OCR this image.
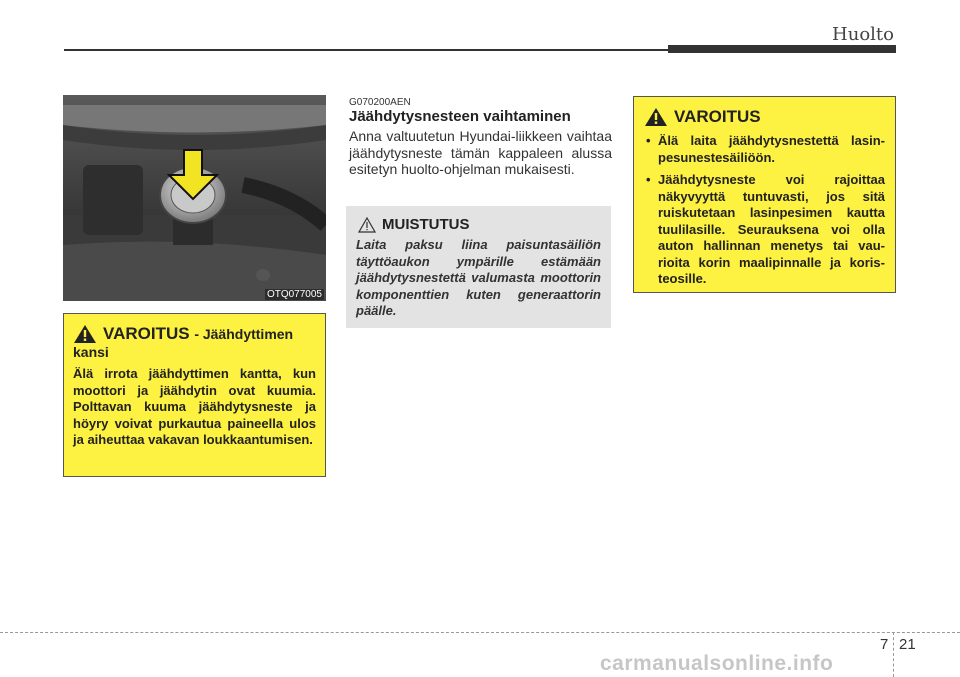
Huolto
OTQ077005
VAROITUS - Jäähdyttimen
kansi
Älä irrota jäähdyttimen kantta, kun moottori ja jäähdytin ovat kuumia. Polttavan kuuma jäähdytysneste ja höyry voivat purkautua paineella ulos ja aiheuttaa vakavan loukkaantumisen.
G070200AEN
Jäähdytysnesteen vaihtaminen
Anna valtuutetun Hyundai-liikkeen vaihtaa jäähdytysneste tämän kappaleen alussa esitetyn huolto-ohjelman mukaisesti.
MUISTUTUS
Laita paksu liina paisuntasäiliön täyttöaukon ympärille estämään jäähdytysnestettä valumasta moottorin komponenttien kuten generaattorin päälle.
VAROITUS
• Älä laita jäähdytysnestettä lasinpesunestesäiliöön.
• Jäähdytysneste voi rajoittaa näkyvyyttä tuntuvasti, jos sitä ruiskutetaan lasinpesimen kautta tuulilasille. Seurauksena voi olla auton hallinnan menetys tai vaurioita korin maalipinnalle ja koristeosille.
7 21
carmanualsonline.info
